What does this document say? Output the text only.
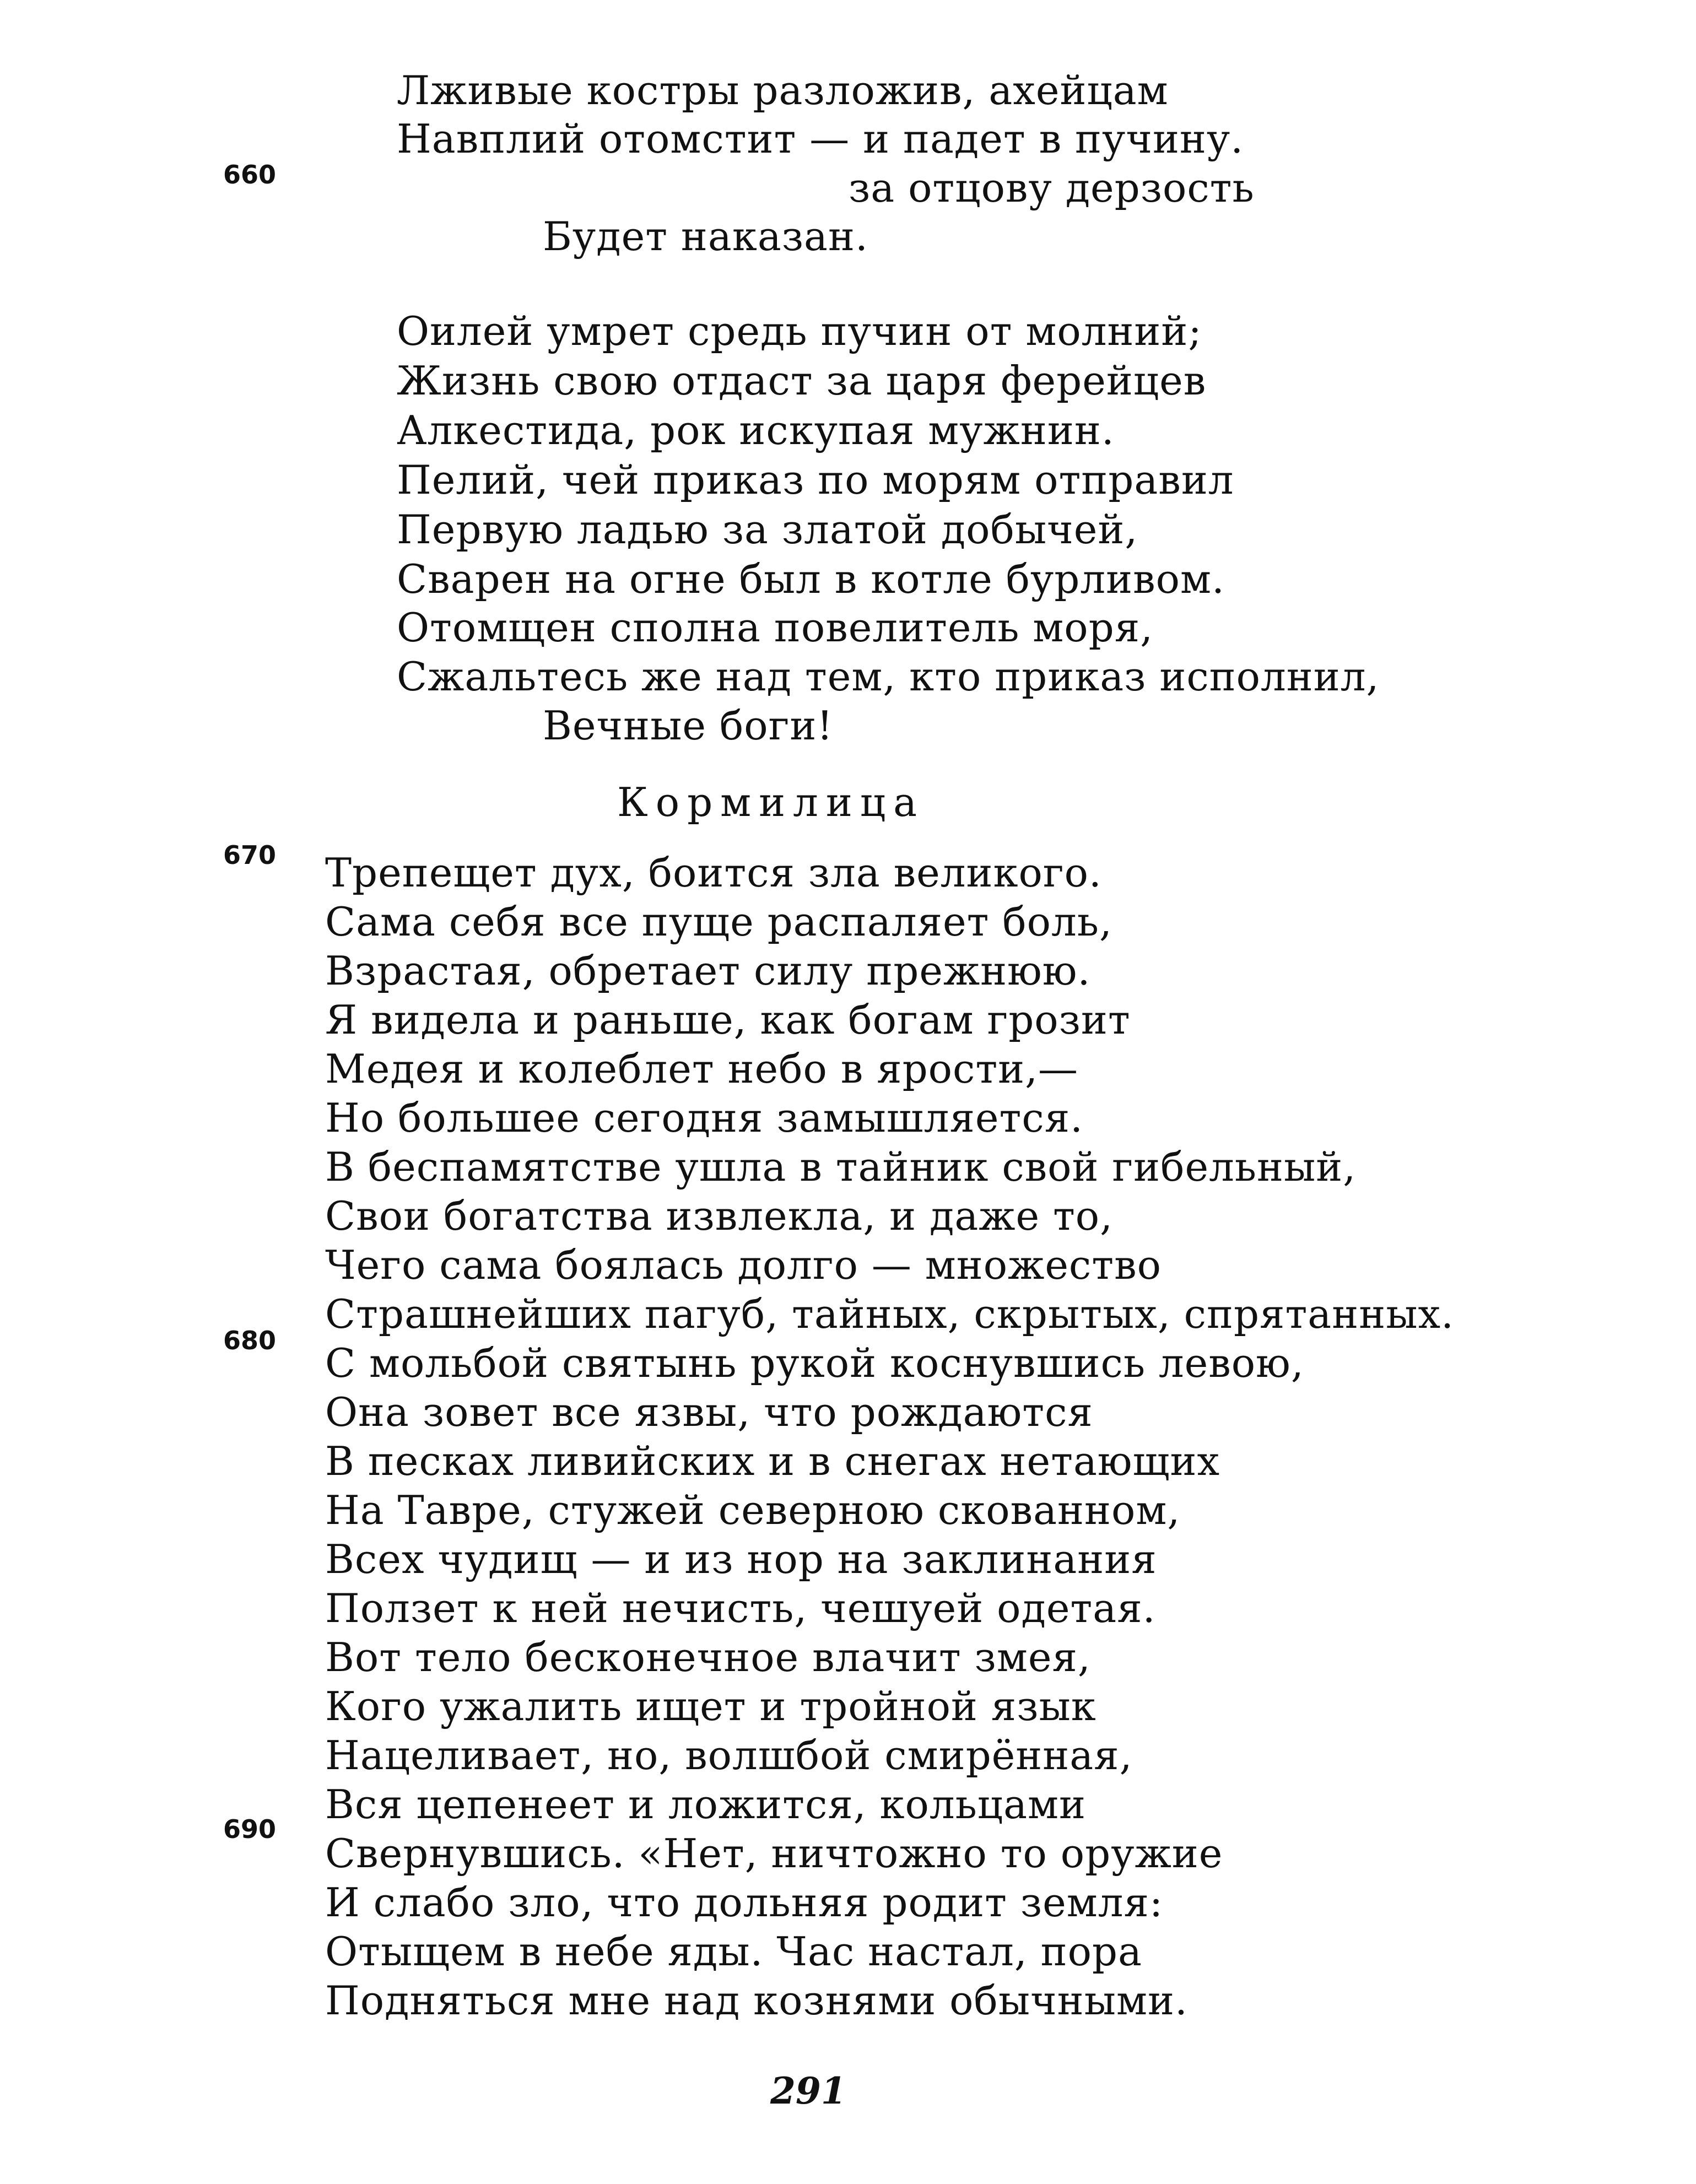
Лживые костры разложив, ахейцам
Навплий отомстит — и падет в пучину.
за отцову дерзость
Будет наказан.
660
Оилей умрет средь пучин от молний;
Жизнь свою отдаст за царя ферейцев
Алкестида, рок искупая мужнин.
Пелий, чей приказ по морям отправил
Первую ладью за златой добычей,
Сварен на огне был в котле бурливом.
Отомщен сполна повелитель моря,
Сжальтесь же над тем, кто приказ исполнил,
Вечные боги!
Кормилица
670
680
690
Трепещет дух, боится зла великого.
Сама себя все пуще распаляет боль,
Взрастая, обретает силу прежнюю.
Я видела и раньше, как богам грозит
Медея и колеблет небо в ярости,—
Но большее сегодня замышляется.
В беспамятстве ушла в тайник свой гибельный,
Свои богатства извлекла, и даже то,
Чего сама боялась долго — множество
Страшнейших пагуб, тайных, скрытых, спрятанных.
С мольбой святынь рукой коснувшись левою,
Она зовет все язвы, что рождаются
В песках ливийских и в снегах нетающих
На Тавре, стужей северною скованном,
Всех чудищ — и из нор на заклинания
Ползет к ней нечисть, чешуей одетая.
Вот тело бесконечное влачит змея,
Кого ужалить ищет и тройной язык
Нацеливает, но, волшбой смирённая,
Вся цепенеет и ложится, кольцами
Свернувшись. «Нет, ничтожно то оружие
И слабо зло, что дольняя родит земля:
Отыщем в небе яды. Час настал, пора
Подняться мне над кознями обычными.
291
